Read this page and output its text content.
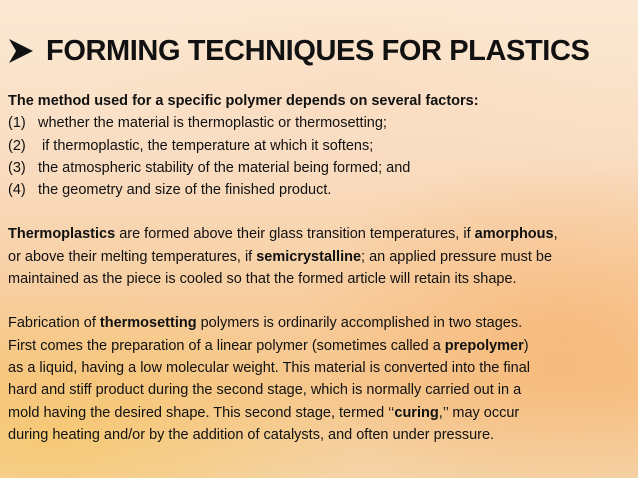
FORMING TECHNIQUES FOR PLASTICS
The method used for a specific polymer depends on several factors:
(1) whether the material is thermoplastic or thermosetting;
(2) if thermoplastic, the temperature at which it softens;
(3) the atmospheric stability of the material being formed; and
(4) the geometry and size of the finished product.
Thermoplastics are formed above their glass transition temperatures, if amorphous,
or above their melting temperatures, if semicrystalline; an applied pressure must be
maintained as the piece is cooled so that the formed article will retain its shape.
Fabrication of thermosetting polymers is ordinarily accomplished in two stages.
First comes the preparation of a linear polymer (sometimes called a prepolymer)
as a liquid, having a low molecular weight. This material is converted into the final
hard and stiff product during the second stage, which is normally carried out in a
mold having the desired shape. This second stage, termed ‘‘curing,’’ may occur
during heating and/or by the addition of catalysts, and often under pressure.
